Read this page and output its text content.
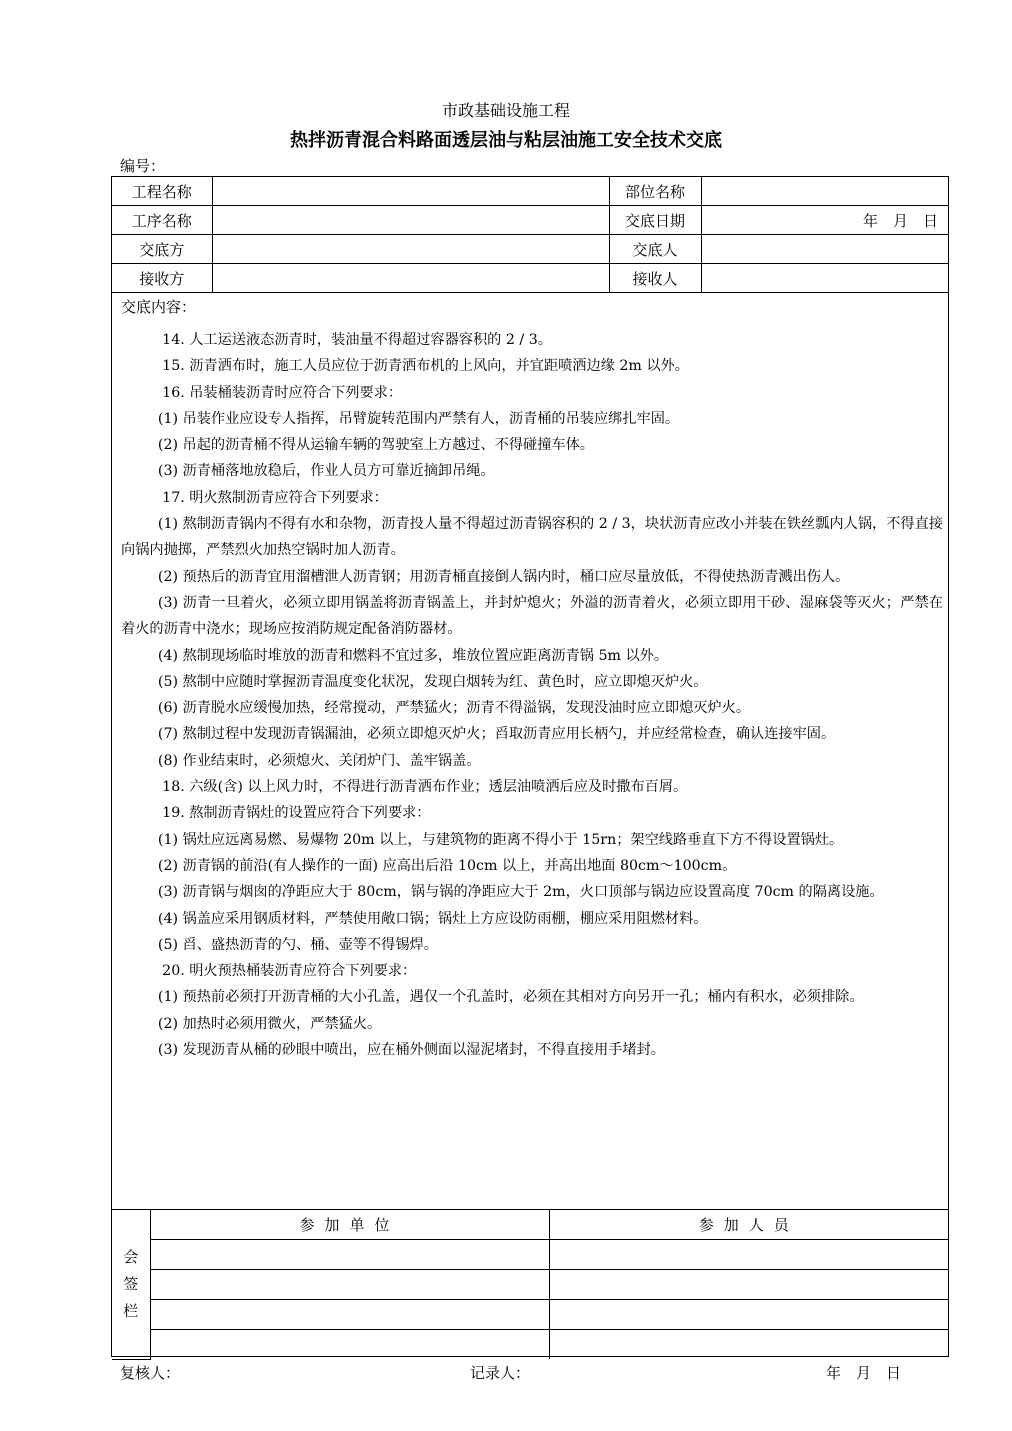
市政基础设施工程
热拌沥青混合料路面透层油与粘层油施工安全技术交底
编号：
工程名称		部位名称	
工序名称		交底日期	年　月　日
交底方		交底人	
接收方		接收人	
交底内容：

14. 人工运送液态沥青时，装油量不得超过容器容积的 2 / 3。

15. 沥青洒布时，施工人员应位于沥青洒布机的上风向，并宜距喷洒边缘 2m 以外。

16. 吊装桶装沥青时应符合下列要求：

(1) 吊装作业应设专人指挥，吊臂旋转范围内严禁有人，沥青桶的吊装应绑扎牢固。

(2) 吊起的沥青桶不得从运输车辆的驾驶室上方越过、不得碰撞车体。

(3) 沥青桶落地放稳后，作业人员方可靠近摘卸吊绳。

17. 明火熬制沥青应符合下列要求：

(1) 熬制沥青锅内不得有水和杂物，沥青投人量不得超过沥青锅容积的 2 / 3，块状沥青应改小并装在铁丝瓢内人锅，不得直接向锅内抛掷，严禁烈火加热空锅时加人沥青。

(2) 预热后的沥青宜用溜槽泄人沥青钢；用沥青桶直接倒人锅内时，桶口应尽量放低，不得使热沥青溅出伤人。

(3) 沥青一旦着火，必须立即用锅盖将沥青锅盖上，并封炉熄火；外溢的沥青着火，必须立即用干砂、湿麻袋等灭火；严禁在着火的沥青中浇水；现场应按消防规定配备消防器材。

(4) 熬制现场临时堆放的沥青和燃料不宜过多，堆放位置应距离沥青锅 5m 以外。

(5) 熬制中应随时掌握沥青温度变化状况，发现白烟转为红、黄色时，应立即熄灭炉火。

(6) 沥青脱水应缓慢加热，经常搅动，严禁猛火；沥青不得溢锅，发现没油时应立即熄灭炉火。

(7) 熬制过程中发现沥青锅漏油，必须立即熄灭炉火；舀取沥青应用长柄勺，并应经常检查，确认连接牢固。

(8) 作业结束时，必须熄火、关闭炉门、盖牢锅盖。

18. 六级(含) 以上风力时，不得进行沥青洒布作业；透层油喷洒后应及时撒布百屑。

19. 熬制沥青锅灶的设置应符合下列要求：

(1) 锅灶应远离易燃、易爆物 20m 以上，与建筑物的距离不得小于 15rn；架空线路垂直下方不得设置锅灶。

(2) 沥青锅的前沿(有人操作的一面) 应高出后沿 10cm 以上，并高出地面 80cm～100cm。

(3) 沥青锅与烟囱的净距应大于 80cm，锅与锅的净距应大于 2m，火口顶部与锅边应设置高度 70cm 的隔离设施。

(4) 锅盖应采用钢质材料，严禁使用敞口锅；锅灶上方应设防雨棚，棚应采用阻燃材料。

(5) 舀、盛热沥青的勺、桶、壶等不得锡焊。

20. 明火预热桶装沥青应符合下列要求：

(1) 预热前必须打开沥青桶的大小孔盖，遇仅一个孔盖时，必须在其相对方向另开一孔；桶内有积水，必须排除。

(2) 加热时必须用微火，严禁猛火。

(3) 发现沥青从桶的砂眼中喷出，应在桶外侧面以湿泥堵封，不得直接用手堵封。

会
签
栏	参加单位	参加人员

复核人：	记录人：	年　月　日
